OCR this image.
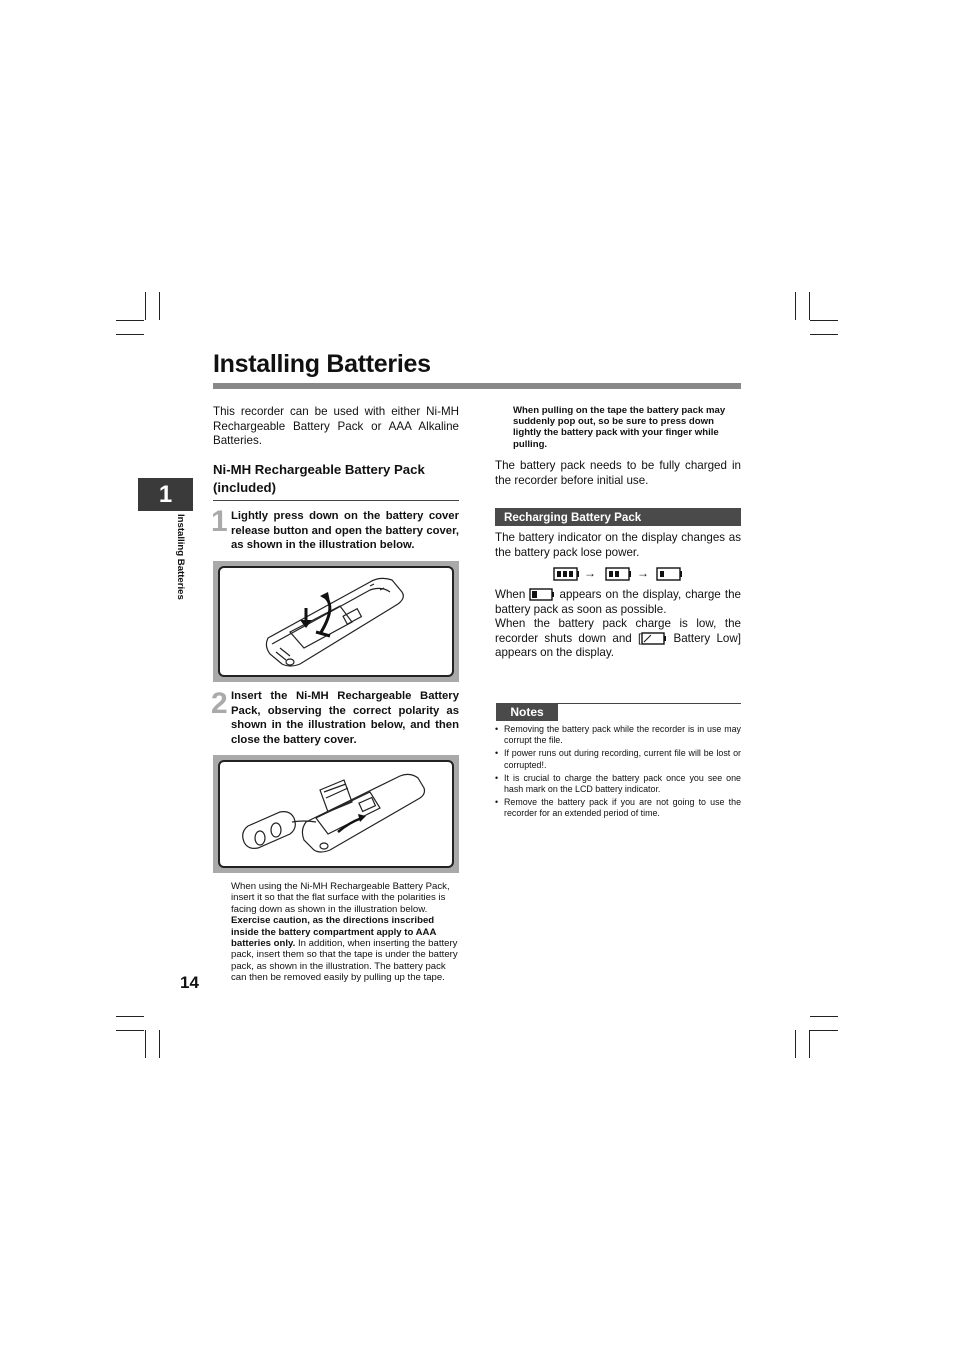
Installing Batteries
1
Installing Batteries
14
This recorder can be used with either Ni-MH Rechargeable Battery Pack or AAA Alkaline Batteries.
Ni-MH Rechargeable Battery Pack (included)
1 Lightly press down on the battery cover release button and open the battery cover, as shown in the illustration below.
2 Insert the Ni-MH Rechargeable Battery Pack, observing the correct polarity as shown in the illustration below, and then close the battery cover.
When using the Ni-MH Rechargeable Battery Pack, insert it so that the flat surface with the polarities is facing down as shown in the illustration below. Exercise caution, as the directions inscribed inside the battery compartment apply to AAA batteries only. In addition, when inserting the battery pack, insert them so that the tape is under the battery pack, as shown in the illustration. The battery pack can then be removed easily by pulling up the tape.
When pulling on the tape the battery pack may suddenly pop out, so be sure to press down lightly the battery pack with your finger while pulling.
The battery pack needs to be fully charged in the recorder before initial use.
Recharging Battery Pack
The battery indicator on the display changes as the battery pack lose power.
→	→
When	appears on the display, charge the battery pack as soon as possible.
When the battery pack charge is low, the recorder shuts down and [	Battery Low] appears on the display.
Notes
• Removing the battery pack while the recorder is in use may corrupt the file.
• If power runs out during recording, current file will be lost or corrupted!.
• It is crucial to charge the battery pack once you see one hash mark on the LCD battery indicator.
• Remove the battery pack if you are not going to use the recorder for an extended period of time.
